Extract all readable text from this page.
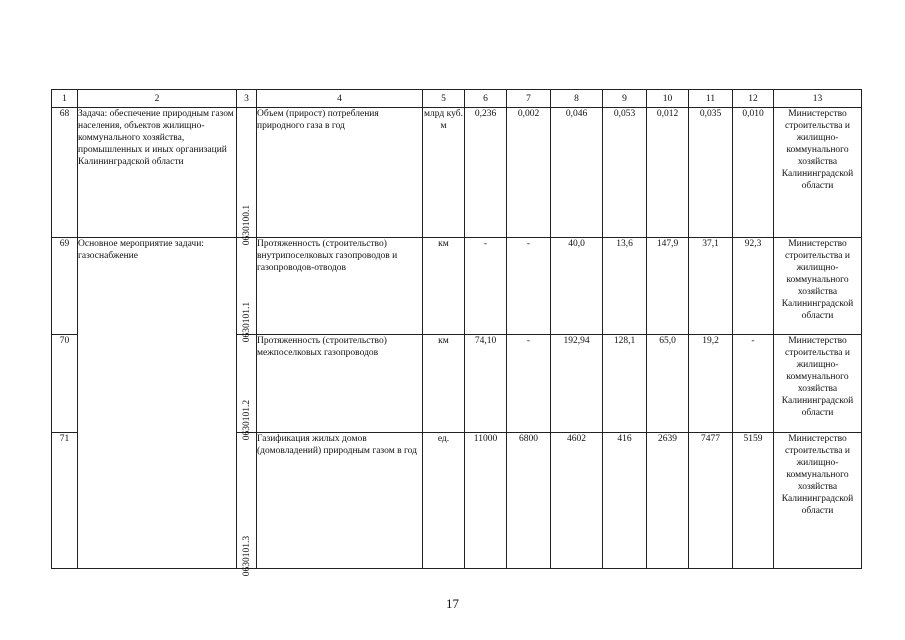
1	2	3	4	5	6	7	8	9	10	11	12	13
68	Задача: обеспечение природным газом населения, объектов жилищно-коммунального хозяйства, промышленных и иных организаций Калининградской области	0630100.1	Объем (прирост) потребления природного газа в год	млрд куб. м	0,236	0,002	0,046	0,053	0,012	0,035	0,010	Министерство строительства и жилищно-коммунального хозяйства Калининградской области
69	Основное мероприятие задачи: газоснабжение	0630101.1	Протяженность (строительство) внутрипоселковых газопроводов и газопроводов-отводов	км	-	-	40,0	13,6	147,9	37,1	92,3	Министерство строительства и жилищно-коммунального хозяйства Калининградской области
70		0630101.2	Протяженность (строительство) межпоселковых газопроводов	км	74,10	-	192,94	128,1	65,0	19,2	-	Министерство строительства и жилищно-коммунального хозяйства Калининградской области
71		0630101.3	Газификация жилых домов (домовладений) природным газом в год	ед.	11000	6800	4602	416	2639	7477	5159	Министерство строительства и жилищно-коммунального хозяйства Калининградской области
17
